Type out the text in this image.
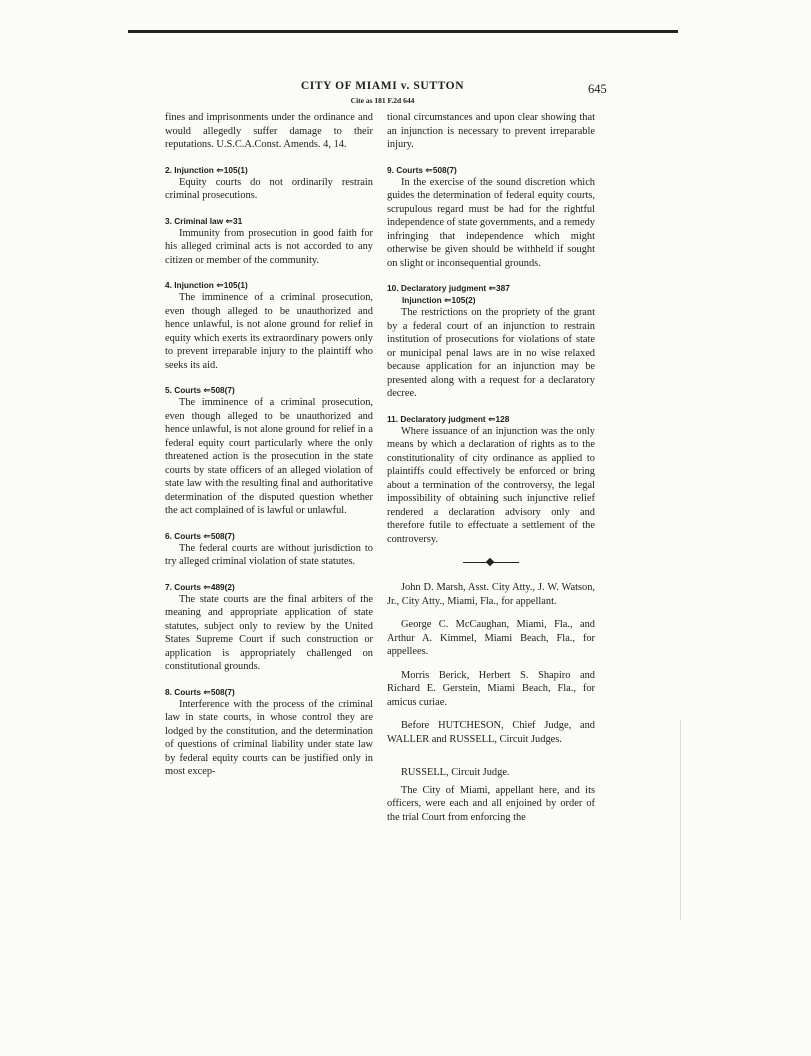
CITY OF MIAMI v. SUTTON
Cite as 181 F.2d 644
645

fines and imprisonments under the ordinance and would allegedly suffer damage to their reputations. U.S.C.A.Const. Amends. 4, 14.

2. Injunction ⇐105(1)

Equity courts do not ordinarily restrain criminal prosecutions.

3. Criminal law ⇐31

Immunity from prosecution in good faith for his alleged criminal acts is not accorded to any citizen or member of the community.

4. Injunction ⇐105(1)

The imminence of a criminal prosecution, even though alleged to be unauthorized and hence unlawful, is not alone ground for relief in equity which exerts its extraordinary powers only to prevent irreparable injury to the plaintiff who seeks its aid.

5. Courts ⇐508(7)

The imminence of a criminal prosecution, even though alleged to be unauthorized and hence unlawful, is not alone ground for relief in a federal equity court particularly where the only threatened action is the prosecution in the state courts by state officers of an alleged violation of state law with the resulting final and authoritative determination of the disputed question whether the act complained of is lawful or unlawful.

6. Courts ⇐508(7)

The federal courts are without jurisdiction to try alleged criminal violation of state statutes.

7. Courts ⇐489(2)

The state courts are the final arbiters of the meaning and appropriate application of state statutes, subject only to review by the United States Supreme Court if such construction or application is appropriately challenged on constitutional grounds.

8. Courts ⇐508(7)

Interference with the process of the criminal law in state courts, in whose control they are lodged by the constitution, and the determination of questions of criminal liability under state law by federal equity courts can be justified only in most excep-

tional circumstances and upon clear showing that an injunction is necessary to prevent irreparable injury.

9. Courts ⇐508(7)

In the exercise of the sound discretion which guides the determination of federal equity courts, scrupulous regard must be had for the rightful independence of state governments, and a remedy infringing that independence which might otherwise be given should be withheld if sought on slight or inconsequential grounds.

10. Declaratory judgment ⇐387
Injunction ⇐105(2)

The restrictions on the propriety of the grant by a federal court of an injunction to restrain institution of prosecutions for violations of state or municipal penal laws are in no wise relaxed because application for an injunction may be presented along with a request for a declaratory decree.

11. Declaratory judgment ⇐128

Where issuance of an injunction was the only means by which a declaration of rights as to the constitutionality of city ordinance as applied to plaintiffs could effectively be enforced or bring about a termination of the controversy, the legal impossibility of obtaining such injunctive relief rendered a declaration advisory only and therefore futile to effectuate a settlement of the controversy.

John D. Marsh, Asst. City Atty., J. W. Watson, Jr., City Atty., Miami, Fla., for appellant.

George C. McCaughan, Miami, Fla., and Arthur A. Kimmel, Miami Beach, Fla., for appellees.

Morris Berick, Herbert S. Shapiro and Richard E. Gerstein, Miami Beach, Fla., for amicus curiae.

Before HUTCHESON, Chief Judge, and WALLER and RUSSELL, Circuit Judges.

RUSSELL, Circuit Judge.

The City of Miami, appellant here, and its officers, were each and all enjoined by order of the trial Court from enforcing the
